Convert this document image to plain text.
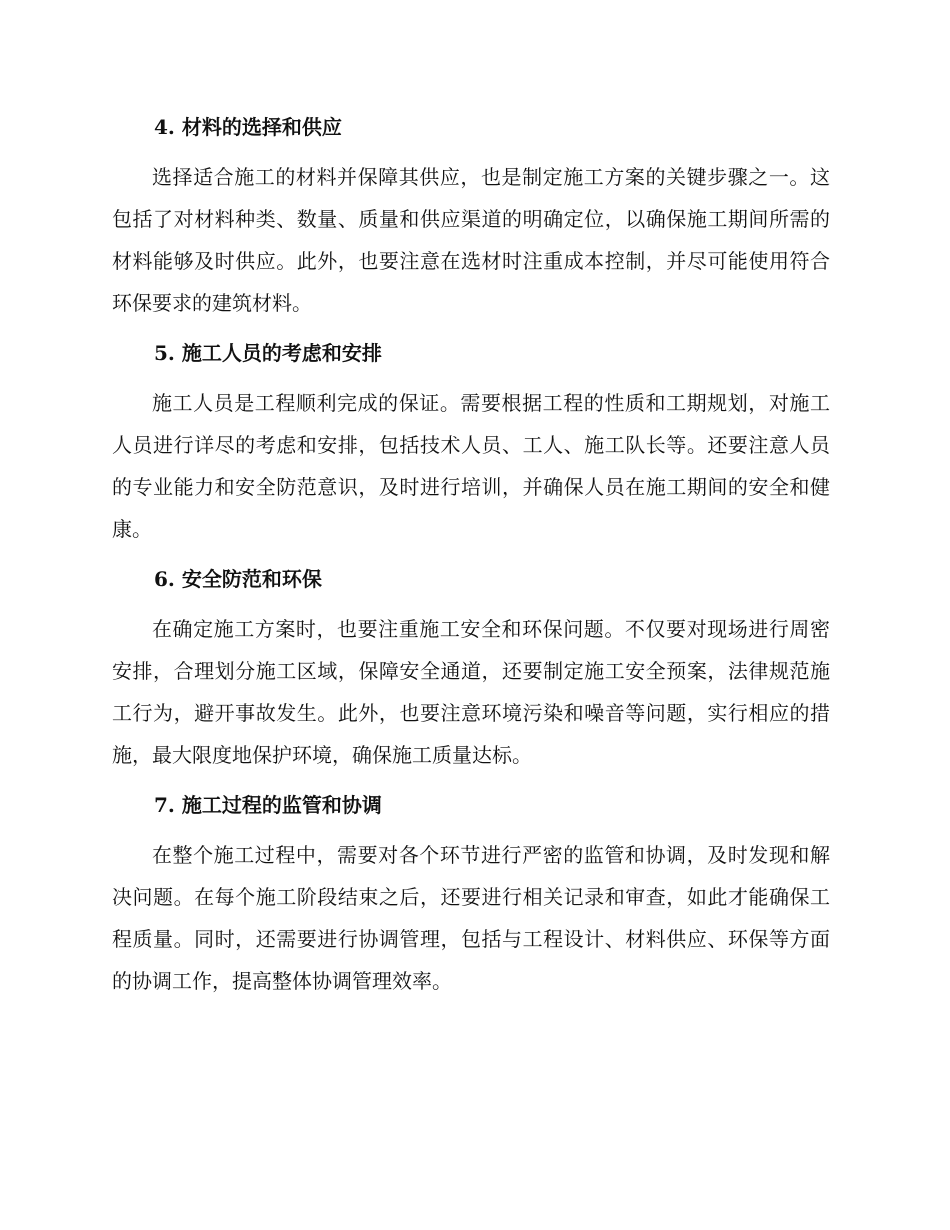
4. 材料的选择和供应

选择适合施工的材料并保障其供应，也是制定施工方案的关键步骤之一。这包括了对材料种类、数量、质量和供应渠道的明确定位，以确保施工期间所需的材料能够及时供应。此外，也要注意在选材时注重成本控制，并尽可能使用符合环保要求的建筑材料。

5. 施工人员的考虑和安排

施工人员是工程顺利完成的保证。需要根据工程的性质和工期规划，对施工人员进行详尽的考虑和安排，包括技术人员、工人、施工队长等。还要注意人员的专业能力和安全防范意识，及时进行培训，并确保人员在施工期间的安全和健康。

6. 安全防范和环保

在确定施工方案时，也要注重施工安全和环保问题。不仅要对现场进行周密安排，合理划分施工区域，保障安全通道，还要制定施工安全预案，法律规范施工行为，避开事故发生。此外，也要注意环境污染和噪音等问题，实行相应的措施，最大限度地保护环境，确保施工质量达标。

7. 施工过程的监管和协调

在整个施工过程中，需要对各个环节进行严密的监管和协调，及时发现和解决问题。在每个施工阶段结束之后，还要进行相关记录和审查，如此才能确保工程质量。同时，还需要进行协调管理，包括与工程设计、材料供应、环保等方面的协调工作，提高整体协调管理效率。
